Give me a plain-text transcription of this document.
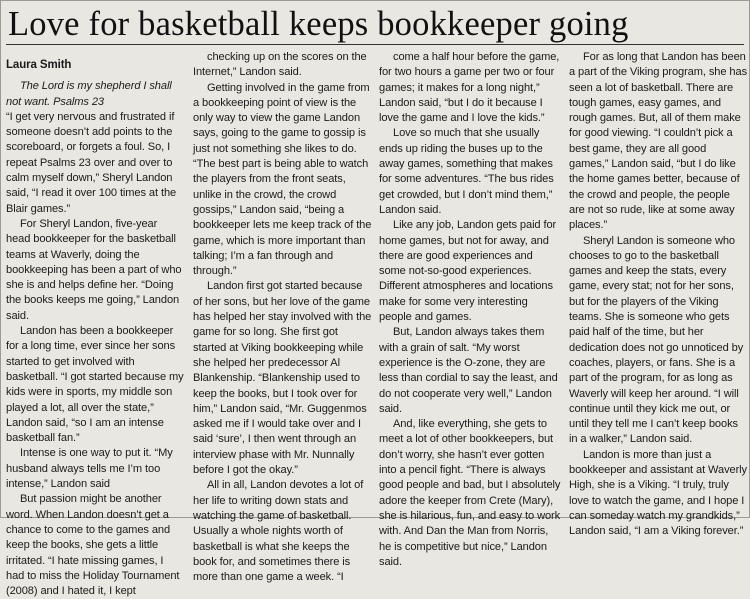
Love for basketball keeps bookkeeper going
Laura Smith

The Lord is my shepherd I shall not want. Psalms 23

“I get very nervous and frustrated if someone doesn’t add points to the scoreboard, or forgets a foul. So, I repeat Psalms 23 over and over to calm myself down,” Sheryl Landon said, “I read it over 100 times at the Blair games.”

For Sheryl Landon, five-year head bookkeeper for the basketball teams at Waverly, doing the bookkeeping has been a part of who she is and helps define her. “Doing the books keeps me going,” Landon said.

Landon has been a bookkeeper for a long time, ever since her sons started to get involved with basketball. “I got started because my kids were in sports, my middle son played a lot, all over the state,” Landon said, “so I am an intense basketball fan.”

Intense is one way to put it. “My husband always tells me I’m too intense,” Landon said

But passion might be another word. When Landon doesn’t get a chance to come to the games and keep the books, she gets a little irritated. “I hate missing games, I had to miss the Holiday Tournament (2008) and I hated it, I kept

checking up on the scores on the Internet,” Landon said.

Getting involved in the game from a bookkeeping point of view is the only way to view the game Landon says, going to the game to gossip is just not something she likes to do. “The best part is being able to watch the players from the front seats, unlike in the crowd, the crowd gossips,” Landon said, “being a bookkeeper lets me keep track of the game, which is more important than talking; I’m a fan through and through.”

Landon first got started because of her sons, but her love of the game has helped her stay involved with the game for so long. She first got started at Viking bookkeeping while she helped her predecessor Al Blankenship. “Blankenship used to keep the books, but I took over for him,” Landon said, “Mr. Guggenmos asked me if I would take over and I said ‘sure’, I then went through an interview phase with Mr. Nunnally before I got the okay.”

All in all, Landon devotes a lot of her life to writing down stats and watching the game of basketball. Usually a whole nights worth of basketball is what she keeps the book for, and sometimes there is more than one game a week. “I

come a half hour before the game, for two hours a game per two or four games; it makes for a long night,” Landon said, “but I do it because I love the game and I love the kids.”

Love so much that she usually ends up riding the buses up to the away games, something that makes for some adventures. “The bus rides get crowded, but I don’t mind them,” Landon said.

Like any job, Landon gets paid for home games, but not for away, and there are good experiences and some not-so-good experiences. Different atmospheres and locations make for some very interesting people and games.

But, Landon always takes them with a grain of salt. “My worst experience is the O-zone, they are less than cordial to say the least, and do not cooperate very well,” Landon said.

And, like everything, she gets to meet a lot of other bookkeepers, but don’t worry, she hasn’t ever gotten into a pencil fight. “There is always good people and bad, but I absolutely adore the keeper from Crete (Mary), she is hilarious, fun, and easy to work with. And Dan the Man from Norris, he is competitive but nice,” Landon said.

For as long that Landon has been a part of the Viking program, she has seen a lot of basketball. There are tough games, easy games, and rough games. But, all of them make for good viewing. “I couldn’t pick a best game, they are all good games,” Landon said, “but I do like the home games better, because of the crowd and people, the people are not so rude, like at some away places.”

Sheryl Landon is someone who chooses to go to the basketball games and keep the stats, every game, every stat; not for her sons, but for the players of the Viking teams. She is someone who gets paid half of the time, but her dedication does not go unnoticed by coaches, players, or fans. She is a part of the program, for as long as Waverly will keep her around. “I will continue until they kick me out, or until they tell me I can’t keep books in a walker,” Landon said.

Landon is more than just a bookkeeper and assistant at Waverly High, she is a Viking. “I truly, truly love to watch the game, and I hope I can someday watch my grandkids,” Landon said, “I am a Viking forever.”
